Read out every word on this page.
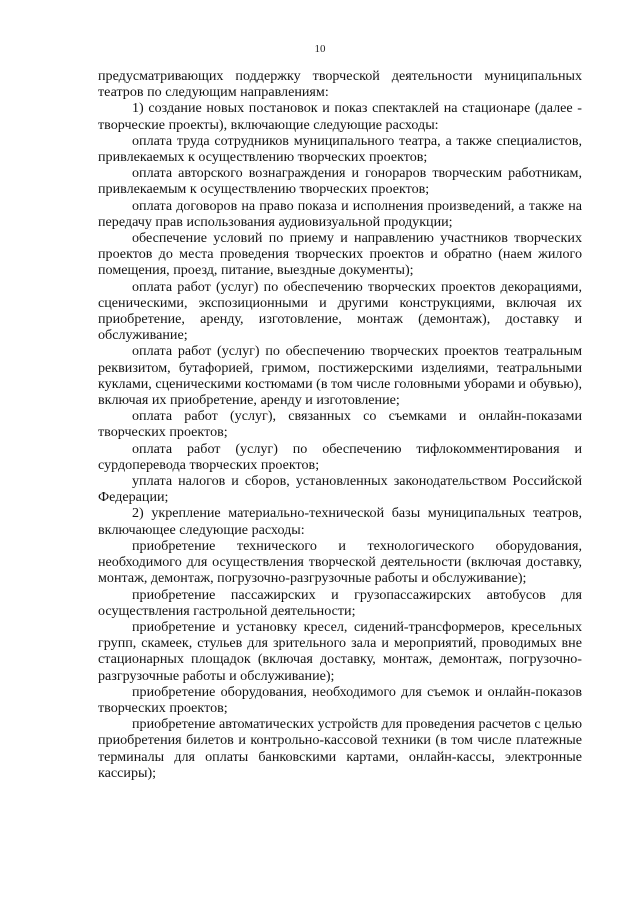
10

предусматривающих поддержку творческой деятельности муниципальных театров по следующим направлениям:

1) создание новых постановок и показ спектаклей на стационаре (далее - творческие проекты), включающие следующие расходы:

оплата труда сотрудников муниципального театра, а также специалистов, привлекаемых к осуществлению творческих проектов;

оплата авторского вознаграждения и гонораров творческим работникам, привлекаемым к осуществлению творческих проектов;

оплата договоров на право показа и исполнения произведений, а также на передачу прав использования аудиовизуальной продукции;

обеспечение условий по приему и направлению участников творческих проектов до места проведения творческих проектов и обратно (наем жилого помещения, проезд, питание, выездные документы);

оплата работ (услуг) по обеспечению творческих проектов декорациями, сценическими, экспозиционными и другими конструкциями, включая их приобретение, аренду, изготовление, монтаж (демонтаж), доставку и обслуживание;

оплата работ (услуг) по обеспечению творческих проектов театральным реквизитом, бутафорией, гримом, постижерскими изделиями, театральными куклами, сценическими костюмами (в том числе головными уборами и обувью), включая их приобретение, аренду и изготовление;

оплата работ (услуг), связанных со съемками и онлайн-показами творческих проектов;

оплата работ (услуг) по обеспечению тифлокомментирования и сурдоперевода творческих проектов;

уплата налогов и сборов, установленных законодательством Российской Федерации;

2) укрепление материально-технической базы муниципальных театров, включающее следующие расходы:

приобретение технического и технологического оборудования, необходимого для осуществления творческой деятельности (включая доставку, монтаж, демонтаж, погрузочно-разгрузочные работы и обслуживание);

приобретение пассажирских и грузопассажирских автобусов для осуществления гастрольной деятельности;

приобретение и установку кресел, сидений-трансформеров, кресельных групп, скамеек, стульев для зрительного зала и мероприятий, проводимых вне стационарных площадок (включая доставку, монтаж, демонтаж, погрузочно-разгрузочные работы и обслуживание);

приобретение оборудования, необходимого для съемок и онлайн-показов творческих проектов;

приобретение автоматических устройств для проведения расчетов с целью приобретения билетов и контрольно-кассовой техники (в том числе платежные терминалы для оплаты банковскими картами, онлайн-кассы, электронные кассиры);
